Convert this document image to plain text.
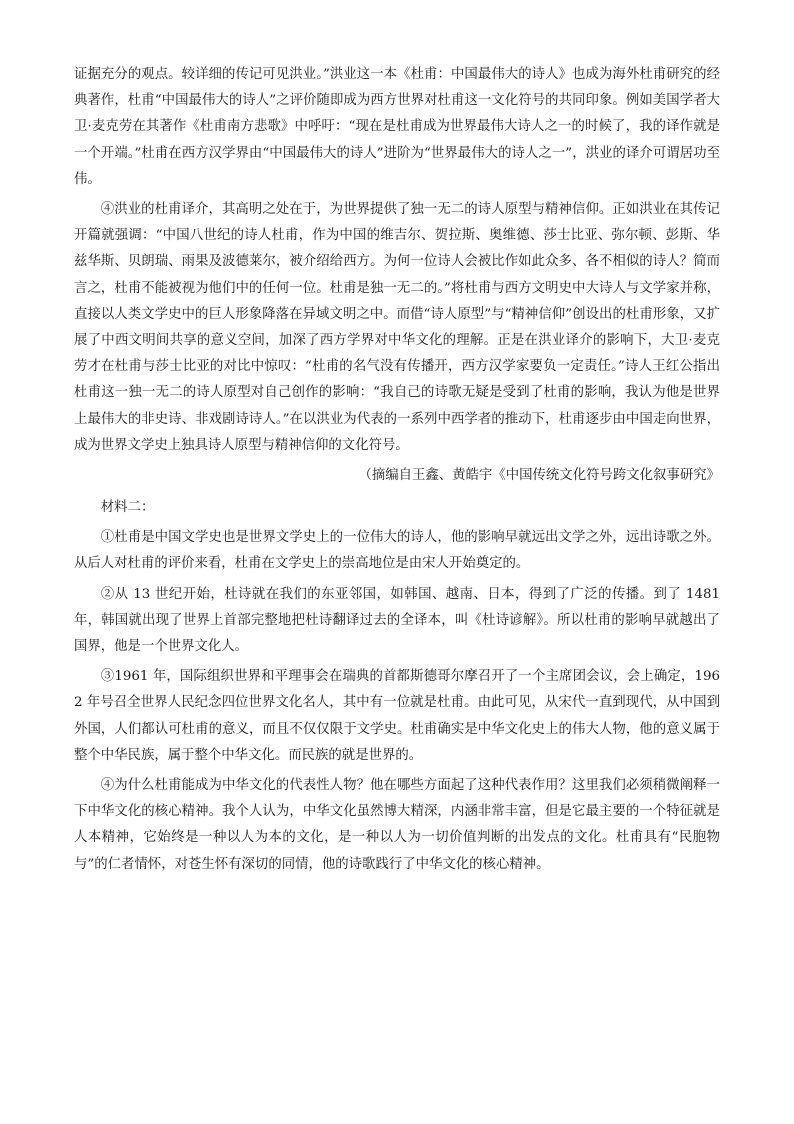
证据充分的观点。较详细的传记可见洪业。”洪业这一本《杜甫：中国最伟大的诗人》也成为海外杜甫研究的经典著作，杜甫“中国最伟大的诗人”之评价随即成为西方世界对杜甫这一文化符号的共同印象。例如美国学者大卫·麦克劳在其著作《杜甫南方悲歌》中呼吁：“现在是杜甫成为世界最伟大诗人之一的时候了，我的译作就是一个开端。”杜甫在西方汉学界由“中国最伟大的诗人”进阶为“世界最伟大的诗人之一”，洪业的译介可谓居功至伟。

④洪业的杜甫译介，其高明之处在于，为世界提供了独一无二的诗人原型与精神信仰。正如洪业在其传记开篇就强调：“中国八世纪的诗人杜甫，作为中国的维吉尔、贺拉斯、奥维德、莎士比亚、弥尔顿、彭斯、华兹华斯、贝朗瑞、雨果及波德莱尔，被介绍给西方。为何一位诗人会被比作如此众多、各不相似的诗人？简而言之，杜甫不能被视为他们中的任何一位。杜甫是独一无二的。”将杜甫与西方文明史中大诗人与文学家并称，直接以人类文学史中的巨人形象降落在异域文明之中。而借“诗人原型”与“精神信仰”创设出的杜甫形象，又扩展了中西文明间共享的意义空间，加深了西方学界对中华文化的理解。正是在洪业译介的影响下，大卫·麦克劳才在杜甫与莎士比亚的对比中惊叹：“杜甫的名气没有传播开，西方汉学家要负一定责任。”诗人王红公指出杜甫这一独一无二的诗人原型对自己创作的影响：“我自己的诗歌无疑是受到了杜甫的影响，我认为他是世界上最伟大的非史诗、非戏剧诗诗人。”在以洪业为代表的一系列中西学者的推动下，杜甫逐步由中国走向世界，成为世界文学史上独具诗人原型与精神信仰的文化符号。

（摘编自王鑫、黄皓宇《中国传统文化符号跨文化叙事研究》

材料二：

①杜甫是中国文学史也是世界文学史上的一位伟大的诗人，他的影响早就远出文学之外，远出诗歌之外。从后人对杜甫的评价来看，杜甫在文学史上的崇高地位是由宋人开始奠定的。

②从 13 世纪开始，杜诗就在我们的东亚邻国，如韩国、越南、日本，得到了广泛的传播。到了 1481 年，韩国就出现了世界上首部完整地把杜诗翻译过去的全译本，叫《杜诗谚解》。所以杜甫的影响早就越出了国界，他是一个世界文化人。

③1961 年，国际组织世界和平理事会在瑞典的首都斯德哥尔摩召开了一个主席团会议，会上确定，1962 年号召全世界人民纪念四位世界文化名人，其中有一位就是杜甫。由此可见，从宋代一直到现代，从中国到外国，人们都认可杜甫的意义，而且不仅仅限于文学史。杜甫确实是中华文化史上的伟大人物，他的意义属于整个中华民族，属于整个中华文化。而民族的就是世界的。

④为什么杜甫能成为中华文化的代表性人物？他在哪些方面起了这种代表作用？这里我们必须稍微阐释一下中华文化的核心精神。我个人认为，中华文化虽然博大精深，内涵非常丰富，但是它最主要的一个特征就是人本精神，它始终是一种以人为本的文化，是一种以人为一切价值判断的出发点的文化。杜甫具有“民胞物与”的仁者情怀，对苍生怀有深切的同情，他的诗歌践行了中华文化的核心精神。
